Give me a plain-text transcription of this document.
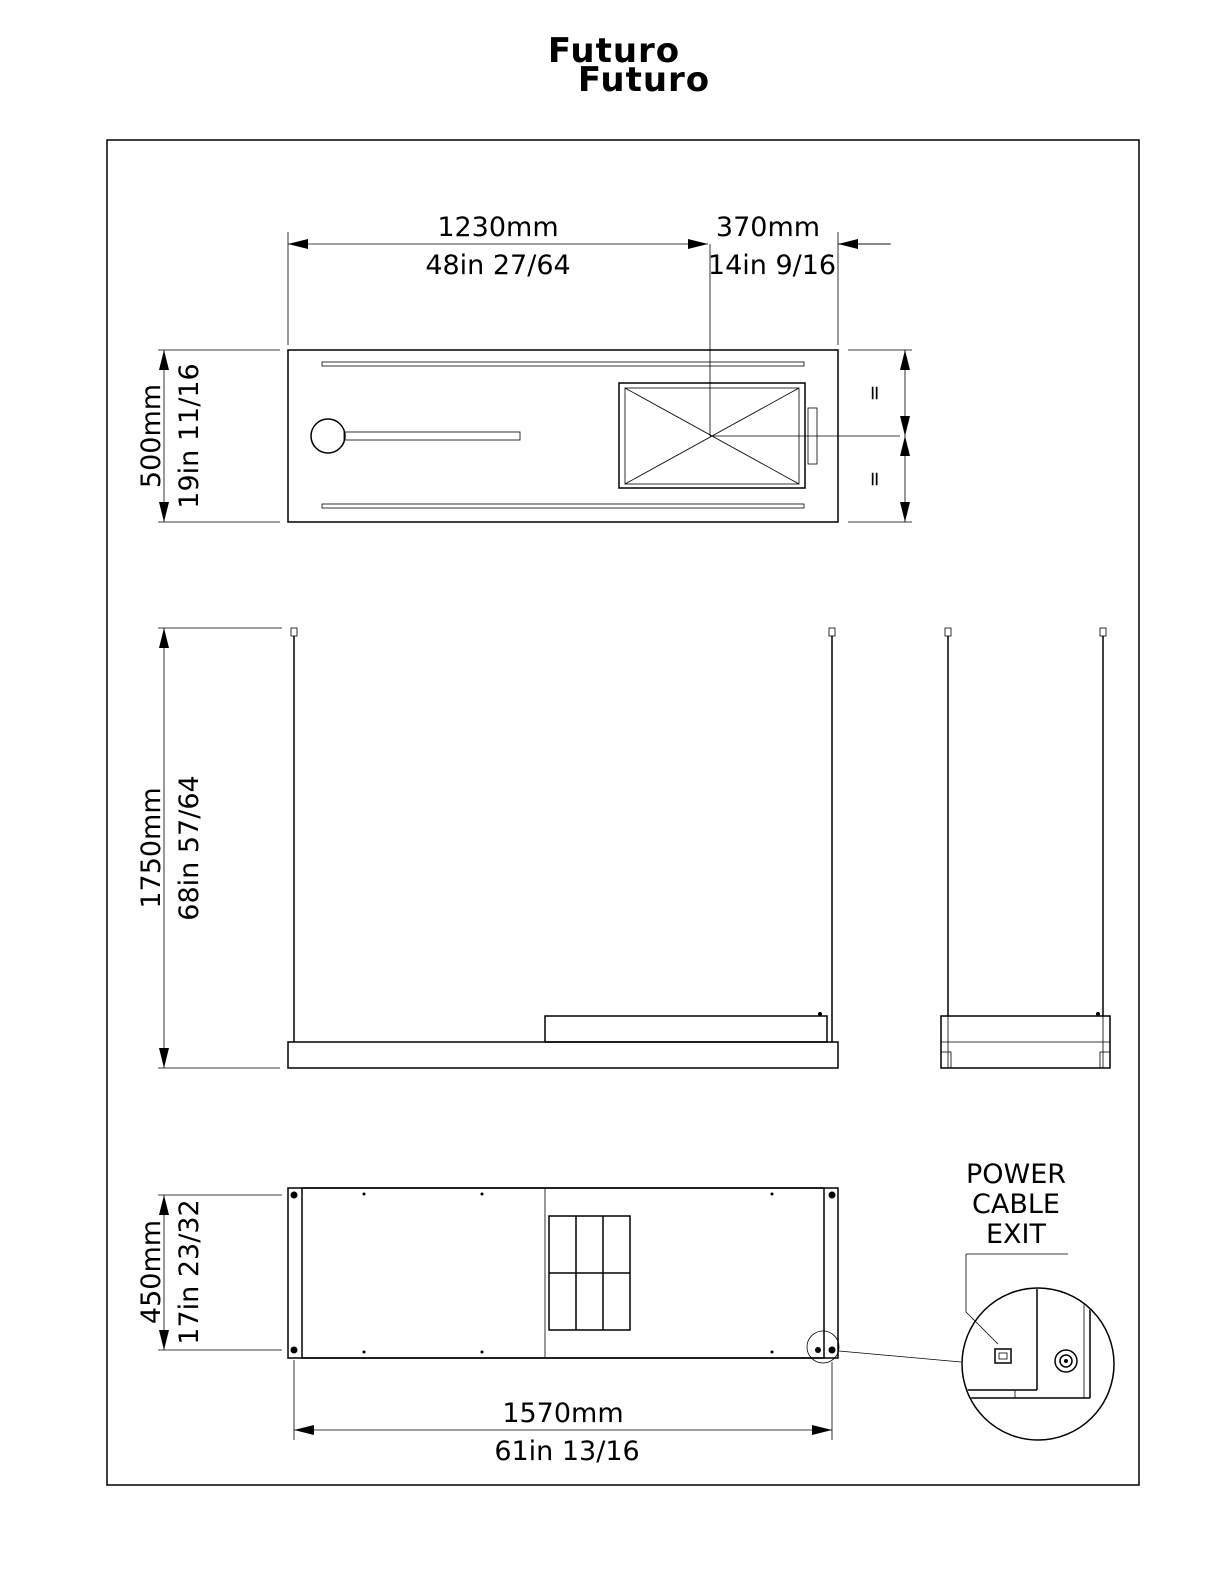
Futuro
Futuro
1230mm
48in 27/64
370mm
14in 9/16
500mm 19in 11/16	=
=
1750mm 68in 57/64
450mm 17in 23/32
1570mm
61in 13/16
POWER
CABLE
EXIT
